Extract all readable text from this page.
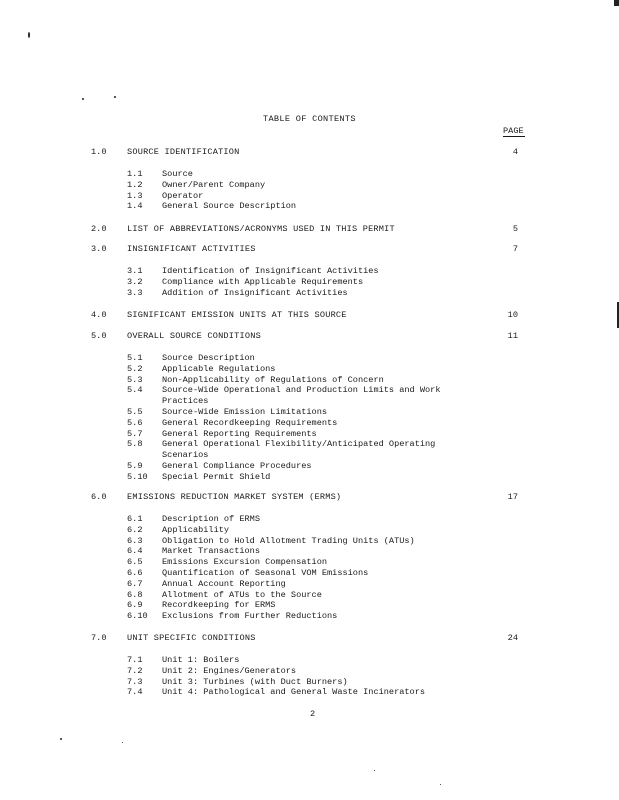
TABLE OF CONTENTS
PAGE
1.0 SOURCE IDENTIFICATION	4
1.1 Source
1.2 Owner/Parent Company
1.3 Operator
1.4 General Source Description
2.0 LIST OF ABBREVIATIONS/ACRONYMS USED IN THIS PERMIT	5
3.0 INSIGNIFICANT ACTIVITIES	7
3.1 Identification of Insignificant Activities
3.2 Compliance with Applicable Requirements
3.3 Addition of Insignificant Activities
4.0 SIGNIFICANT EMISSION UNITS AT THIS SOURCE	10
5.0 OVERALL SOURCE CONDITIONS	11
5.1 Source Description
5.2 Applicable Regulations
5.3 Non-Applicability of Regulations of Concern
5.4 Source-Wide Operational and Production Limits and Work
Practices
5.5 Source-Wide Emission Limitations
5.6 General Recordkeeping Requirements
5.7 General Reporting Requirements
5.8 General Operational Flexibility/Anticipated Operating
Scenarios
5.9 General Compliance Procedures
5.10 Special Permit Shield
6.0 EMISSIONS REDUCTION MARKET SYSTEM (ERMS)	17
6.1 Description of ERMS
6.2 Applicability
6.3 Obligation to Hold Allotment Trading Units (ATUs)
6.4 Market Transactions
6.5 Emissions Excursion Compensation
6.6 Quantification of Seasonal VOM Emissions
6.7 Annual Account Reporting
6.8 Allotment of ATUs to the Source
6.9 Recordkeeping for ERMS
6.10 Exclusions from Further Reductions
7.0 UNIT SPECIFIC CONDITIONS	24
7.1 Unit 1: Boilers
7.2 Unit 2: Engines/Generators
7.3 Unit 3: Turbines (with Duct Burners)
7.4 Unit 4: Pathological and General Waste Incinerators
2
